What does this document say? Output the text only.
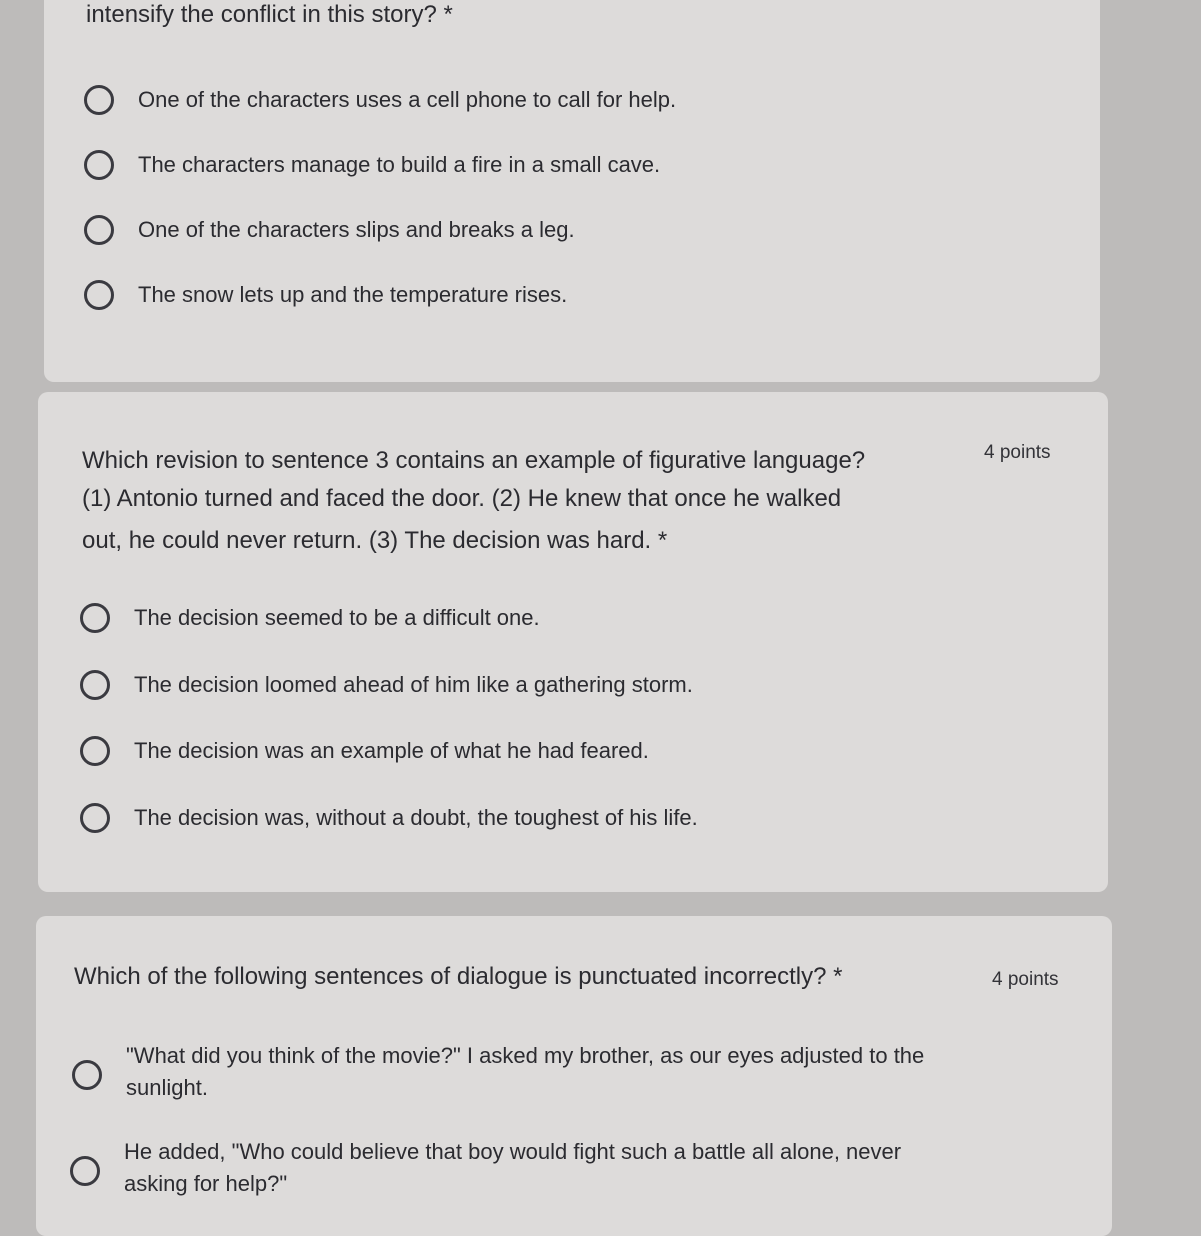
intensify the conflict in this story? *
One of the characters uses a cell phone to call for help.
The characters manage to build a fire in a small cave.
One of the characters slips and breaks a leg.
The snow lets up and the temperature rises.
Which revision to sentence 3 contains an example of figurative language?	4 points
(1) Antonio turned and faced the door. (2) He knew that once he walked
out, he could never return. (3) The decision was hard. *
The decision seemed to be a difficult one.
The decision loomed ahead of him like a gathering storm.
The decision was an example of what he had feared.
The decision was, without a doubt, the toughest of his life.
Which of the following sentences of dialogue is punctuated incorrectly? *	4 points
"What did you think of the movie?" I asked my brother, as our eyes adjusted to the
sunlight.
He added, "Who could believe that boy would fight such a battle all alone, never
asking for help?"
